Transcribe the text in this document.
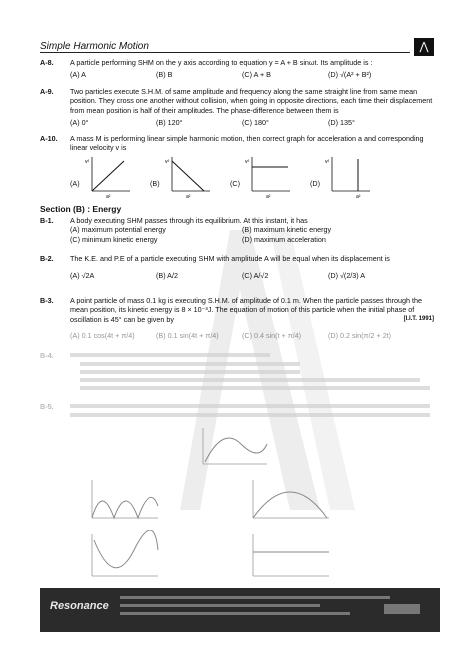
Simple Harmonic Motion	⋀
A-8. A particle performing SHM on the y axis according to equation y = A + B sinωt. Its amplitude is :
(A) A	(B) B	(C) A + B	(D) √(A² + B²)
A-9. Two particles execute S.H.M. of same amplitude and frequency along the same straight line from same mean position. They cross one another without collision, when going in opposite directions, each time their displacement from mean position is half of their amplitudes. The phase-difference between them is
(A) 0°	(B) 120°	(C) 180°	(D) 135°
A-10. A mass M is performing linear simple harmonic motion, then correct graph for acceleration a and corresponding linear velocity v is
(A)
v²
a²
(B)
v²
a²
(C)
v²
a²
(D)
v²
a²
Section (B) : Energy
B-1. A body executing SHM passes through its equilibrium. At this instant, it has
(A) maximum potential energy	(B) maximum kinetic energy
(C) minimum kinetic energy	(D) maximum acceleration
B-2. The K.E. and P.E of a particle executing SHM with amplitude A will be equal when its displacement is
(A) √2A	(B) A/2	(C) A/√2	(D) √(2/3) A
B-3. A point particle of mass 0.1 kg is executing S.H.M. of amplitude of 0.1 m. When the particle passes through the mean position, its kinetic energy is 8 × 10⁻³J. The equation of motion of this particle when the initial phase of oscillation is 45° can be given by	[I.I.T. 1991]
(A) 0.1 cos(4t + π/4)	(B) 0.1 sin(4t + π/4)	(C) 0.4 sin(t + π/4)	(D) 0.2 sin(π/2 + 2t)
B-4.
B-5.
Resonance
